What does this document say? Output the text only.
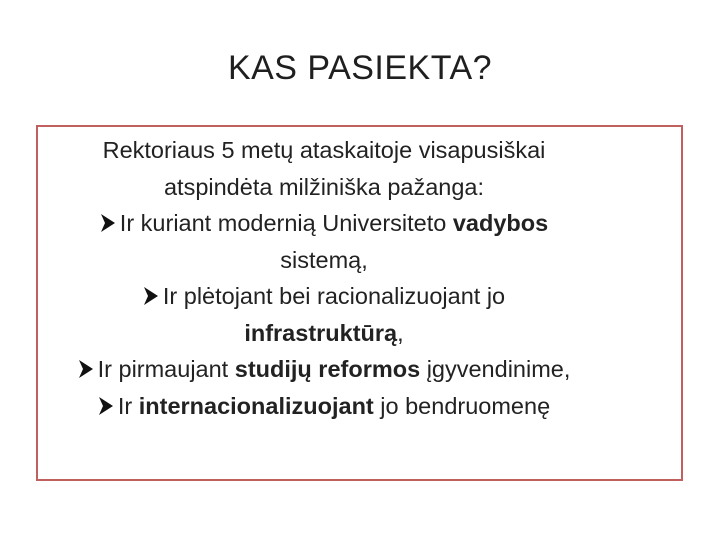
KAS PASIEKTA?
Rektoriaus 5 metų ataskaitoje visapusiškai
atspindėta milžiniška pažanga:
Ir kuriant modernią Universiteto vadybos
sistemą,
Ir plėtojant bei racionalizuojant jo
infrastruktūrą,
Ir pirmaujant studijų reformos įgyvendinime,
Ir internacionalizuojant jo bendruomenę
